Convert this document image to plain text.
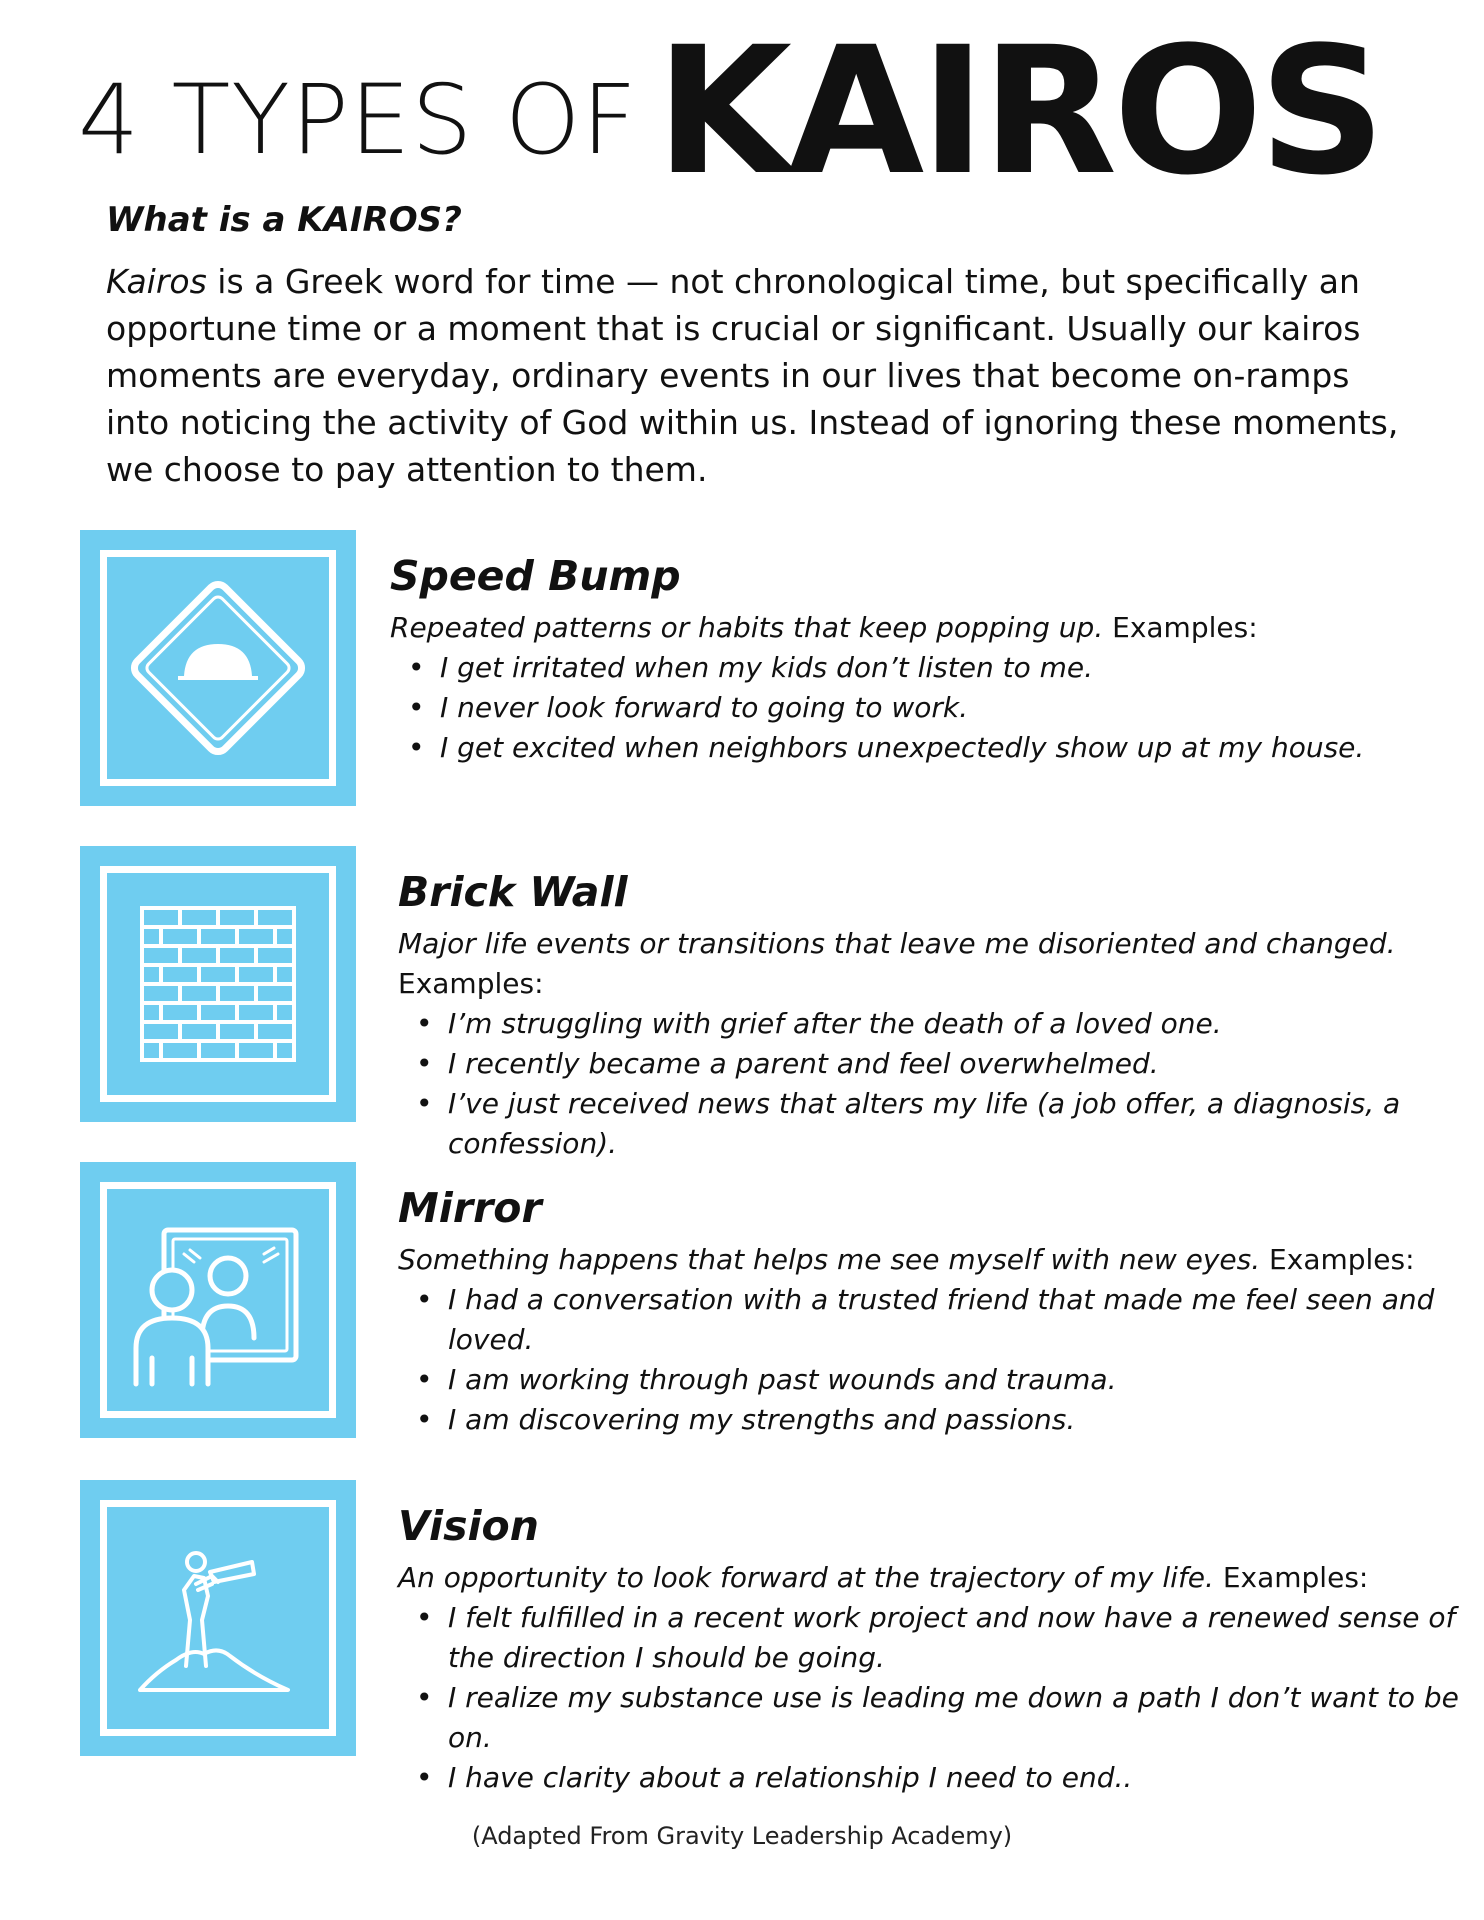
4 TYPES OF KAIROS
What is a KAIROS?
Kairos is a Greek word for time — not chronological time, but specifically an opportune time or a moment that is crucial or significant. Usually our kairos moments are everyday, ordinary events in our lives that become on-ramps into noticing the activity of God within us. Instead of ignoring these moments, we choose to pay attention to them.
Speed Bump
Repeated patterns or habits that keep popping up. Examples:
• I get irritated when my kids don’t listen to me.
• I never look forward to going to work.
• I get excited when neighbors unexpectedly show up at my house.
Brick Wall
Major life events or transitions that leave me disoriented and changed. Examples:
• I’m struggling with grief after the death of a loved one.
• I recently became a parent and feel overwhelmed.
• I’ve just received news that alters my life (a job offer, a diagnosis, a confession).
Mirror
Something happens that helps me see myself with new eyes. Examples:
• I had a conversation with a trusted friend that made me feel seen and loved.
• I am working through past wounds and trauma.
• I am discovering my strengths and passions.
Vision
An opportunity to look forward at the trajectory of my life. Examples:
• I felt fulfilled in a recent work project and now have a renewed sense of the direction I should be going.
• I realize my substance use is leading me down a path I don’t want to be on.
• I have clarity about a relationship I need to end..
(Adapted From Gravity Leadership Academy)
